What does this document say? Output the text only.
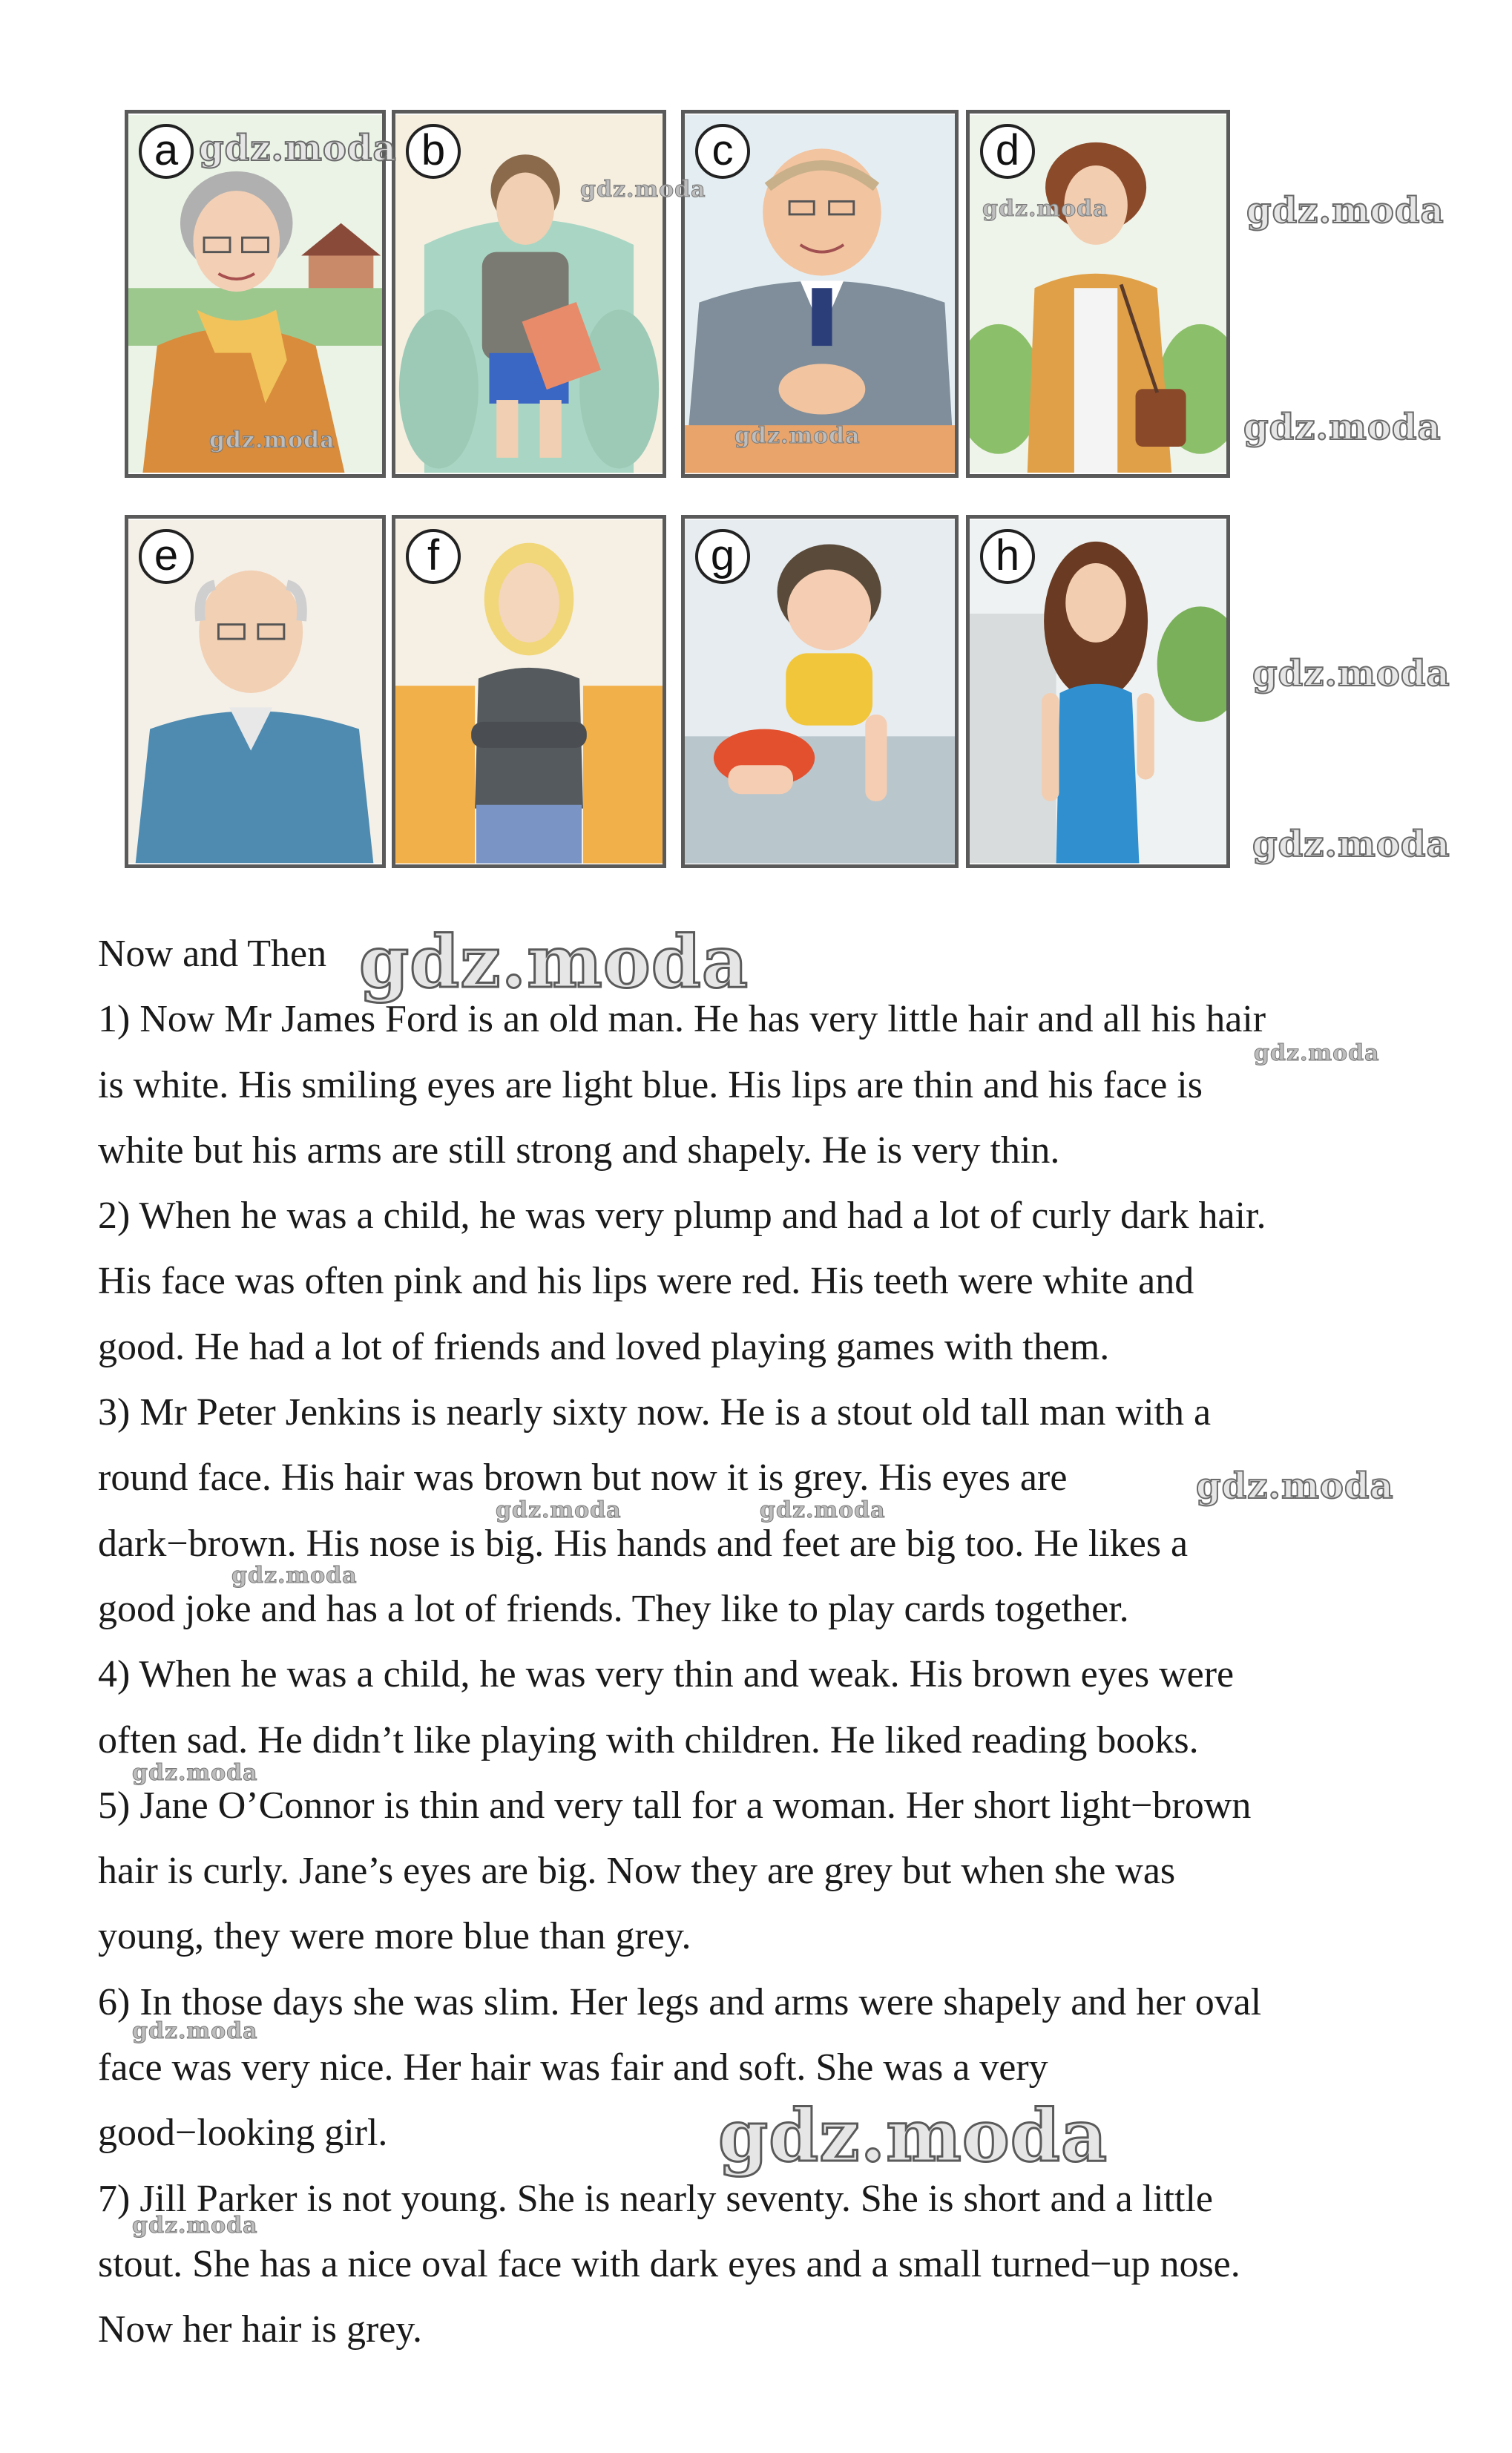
a	b	c	d
e	f	g	h

Now and Then

1) Now Mr James Ford is an old man. He has very little hair and all his hair

is white. His smiling eyes are light blue. His lips are thin and his face is

white but his arms are still strong and shapely. He is very thin.

2) When he was a child, he was very plump and had a lot of curly dark hair.

His face was often pink and his lips were red. His teeth were white and

good. He had a lot of friends and loved playing games with them.

3) Mr Peter Jenkins is nearly sixty now. He is a stout old tall man with a

round face. His hair was brown but now it is grey. His eyes are

dark−brown. His nose is big. His hands and feet are big too. He likes a

good joke and has a lot of friends. They like to play cards together.

4) When he was a child, he was very thin and weak. His brown eyes were

often sad. He didn’t like playing with children. He liked reading books.

5) Jane O’Connor is thin and very tall for a woman. Her short light−brown

hair is curly. Jane’s eyes are big. Now they are grey but when she was

young, they were more blue than grey.

6) In those days she was slim. Her legs and arms were shapely and her oval

face was very nice. Her hair was fair and soft. She was a very

good−looking girl.

7) Jill Parker is not young. She is nearly seventy. She is short and a little

stout. She has a nice oval face with dark eyes and a small turned−up nose.

Now her hair is grey.

gdz.moda
gdz.moda
gdz.moda	gdz.moda
gdz.moda	gdz.moda	gdz.moda
gdz.moda
gdz.moda
gdz.moda
gdz.moda
gdz.moda
gdz.moda	gdz.moda
gdz.moda
gdz.moda
gdz.moda
gdz.moda
gdz.moda
